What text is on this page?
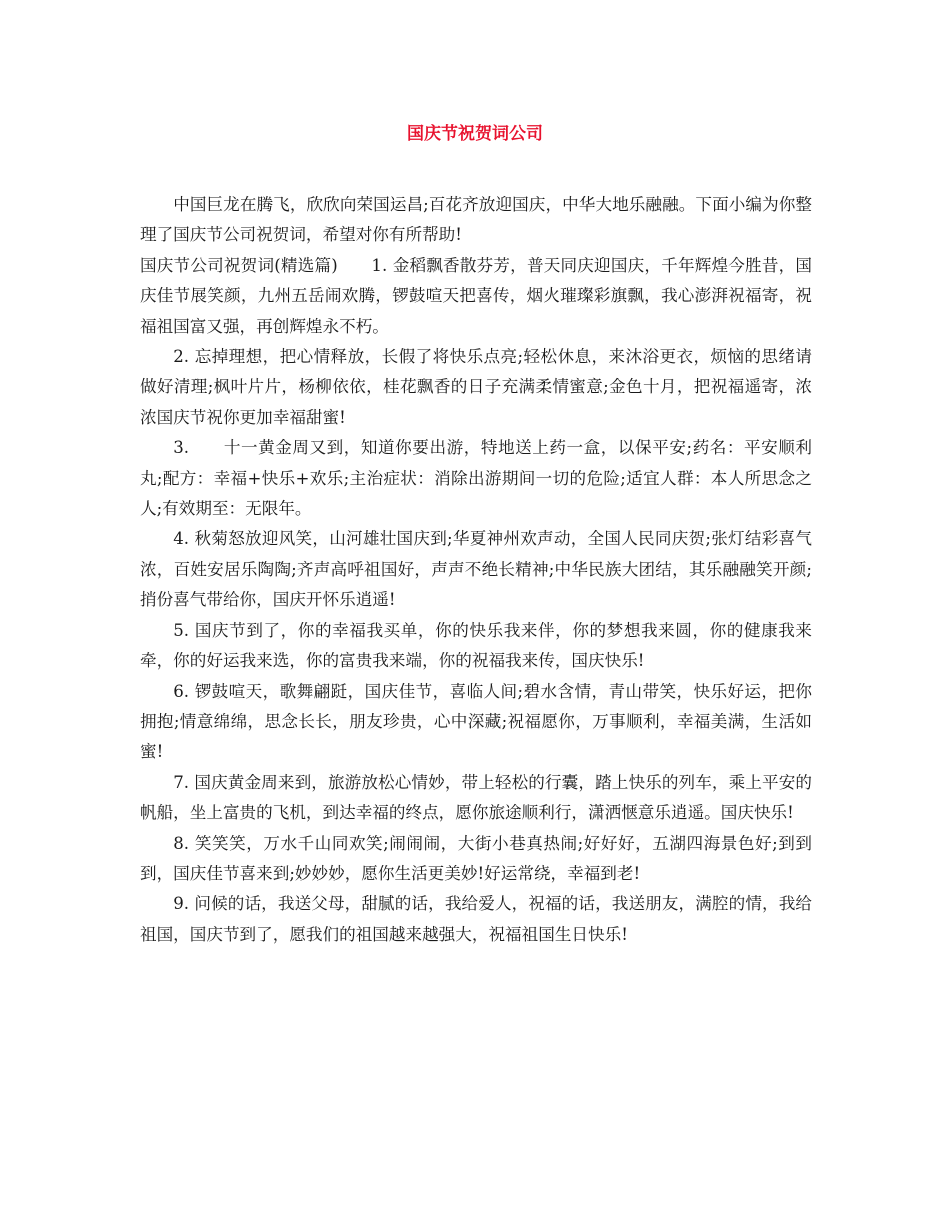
国庆节祝贺词公司

中国巨龙在腾飞，欣欣向荣国运昌;百花齐放迎国庆，中华大地乐融融。下面小编为你整理了国庆节公司祝贺词，希望对你有所帮助!

国庆节公司祝贺词(精选篇)　　1. 金稻飘香散芬芳，普天同庆迎国庆，千年辉煌今胜昔，国庆佳节展笑颜，九州五岳闹欢腾，锣鼓喧天把喜传，烟火璀璨彩旗飘，我心澎湃祝福寄，祝福祖国富又强，再创辉煌永不朽。

2. 忘掉理想，把心情释放，长假了将快乐点亮;轻松休息，来沐浴更衣，烦恼的思绪请做好清理;枫叶片片，杨柳依依，桂花飘香的日子充满柔情蜜意;金色十月，把祝福遥寄，浓浓国庆节祝你更加幸福甜蜜!

3.　　十一黄金周又到，知道你要出游，特地送上药一盒，以保平安;药名：平安顺利丸;配方：幸福+快乐+欢乐;主治症状：消除出游期间一切的危险;适宜人群：本人所思念之人;有效期至：无限年。

4. 秋菊怒放迎风笑，山河雄壮国庆到;华夏神州欢声动，全国人民同庆贺;张灯结彩喜气浓，百姓安居乐陶陶;齐声高呼祖国好，声声不绝长精神;中华民族大团结，其乐融融笑开颜;捎份喜气带给你，国庆开怀乐逍遥!

5. 国庆节到了，你的幸福我买单，你的快乐我来伴，你的梦想我来圆，你的健康我来牵，你的好运我来选，你的富贵我来端，你的祝福我来传，国庆快乐!

6. 锣鼓喧天，歌舞翩跹，国庆佳节，喜临人间;碧水含情，青山带笑，快乐好运，把你拥抱;情意绵绵，思念长长，朋友珍贵，心中深藏;祝福愿你，万事顺利，幸福美满，生活如蜜!

7. 国庆黄金周来到，旅游放松心情妙，带上轻松的行囊，踏上快乐的列车，乘上平安的帆船，坐上富贵的飞机，到达幸福的终点，愿你旅途顺利行，潇洒惬意乐逍遥。国庆快乐!

8. 笑笑笑，万水千山同欢笑;闹闹闹，大街小巷真热闹;好好好，五湖四海景色好;到到到，国庆佳节喜来到;妙妙妙，愿你生活更美妙!好运常绕，幸福到老!

9. 问候的话，我送父母，甜腻的话，我给爱人，祝福的话，我送朋友，满腔的情，我给祖国，国庆节到了，愿我们的祖国越来越强大，祝福祖国生日快乐!
